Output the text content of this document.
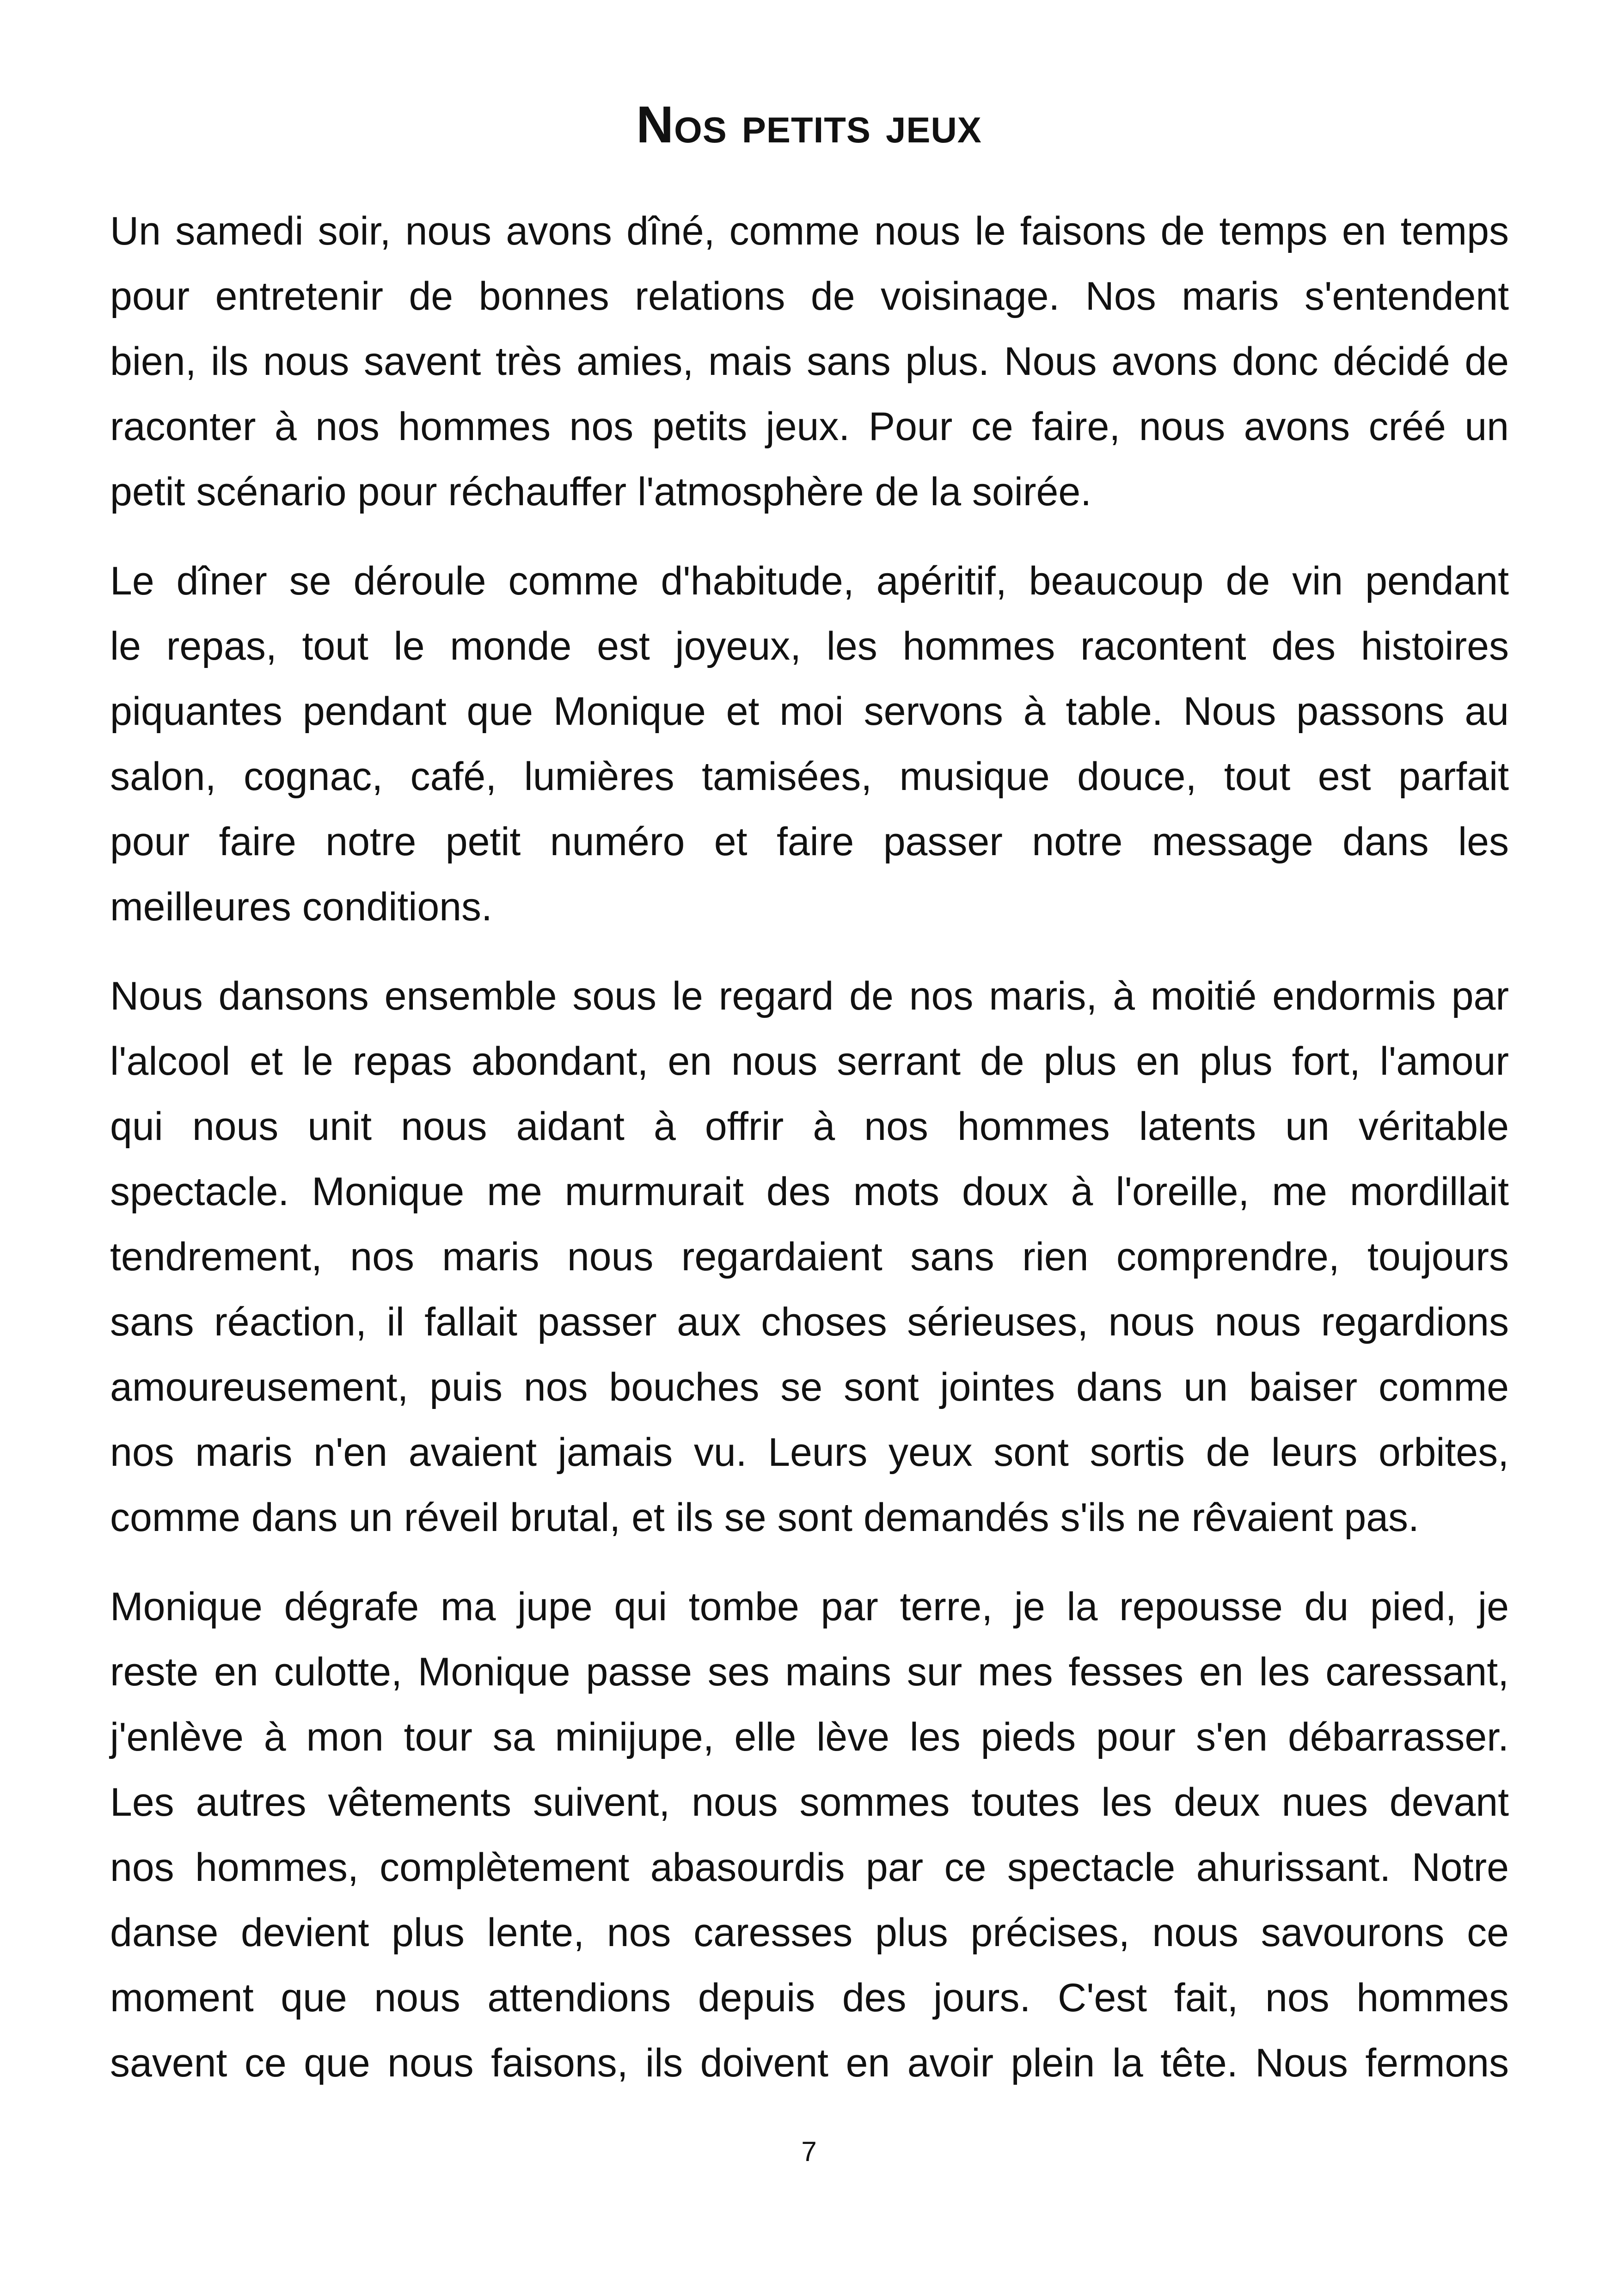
Nos petits jeux

Un samedi soir, nous avons dîné, comme nous le faisons de temps en temps
pour entretenir de bonnes relations de voisinage. Nos maris s'entendent
bien, ils nous savent très amies, mais sans plus. Nous avons donc décidé de
raconter à nos hommes nos petits jeux. Pour ce faire, nous avons créé un
petit scénario pour réchauffer l'atmosphère de la soirée.

Le dîner se déroule comme d'habitude, apéritif, beaucoup de vin pendant
le repas, tout le monde est joyeux, les hommes racontent des histoires
piquantes pendant que Monique et moi servons à table. Nous passons au
salon, cognac, café, lumières tamisées, musique douce, tout est parfait
pour faire notre petit numéro et faire passer notre message dans les
meilleures conditions.

Nous dansons ensemble sous le regard de nos maris, à moitié endormis par
l'alcool et le repas abondant, en nous serrant de plus en plus fort, l'amour
qui nous unit nous aidant à offrir à nos hommes latents un véritable
spectacle. Monique me murmurait des mots doux à l'oreille, me mordillait
tendrement, nos maris nous regardaient sans rien comprendre, toujours
sans réaction, il fallait passer aux choses sérieuses, nous nous regardions
amoureusement, puis nos bouches se sont jointes dans un baiser comme
nos maris n'en avaient jamais vu. Leurs yeux sont sortis de leurs orbites,
comme dans un réveil brutal, et ils se sont demandés s'ils ne rêvaient pas.

Monique dégrafe ma jupe qui tombe par terre, je la repousse du pied, je
reste en culotte, Monique passe ses mains sur mes fesses en les caressant,
j'enlève à mon tour sa minijupe, elle lève les pieds pour s'en débarrasser.
Les autres vêtements suivent, nous sommes toutes les deux nues devant
nos hommes, complètement abasourdis par ce spectacle ahurissant. Notre
danse devient plus lente, nos caresses plus précises, nous savourons ce
moment que nous attendions depuis des jours. C'est fait, nos hommes
savent ce que nous faisons, ils doivent en avoir plein la tête. Nous fermons

7
